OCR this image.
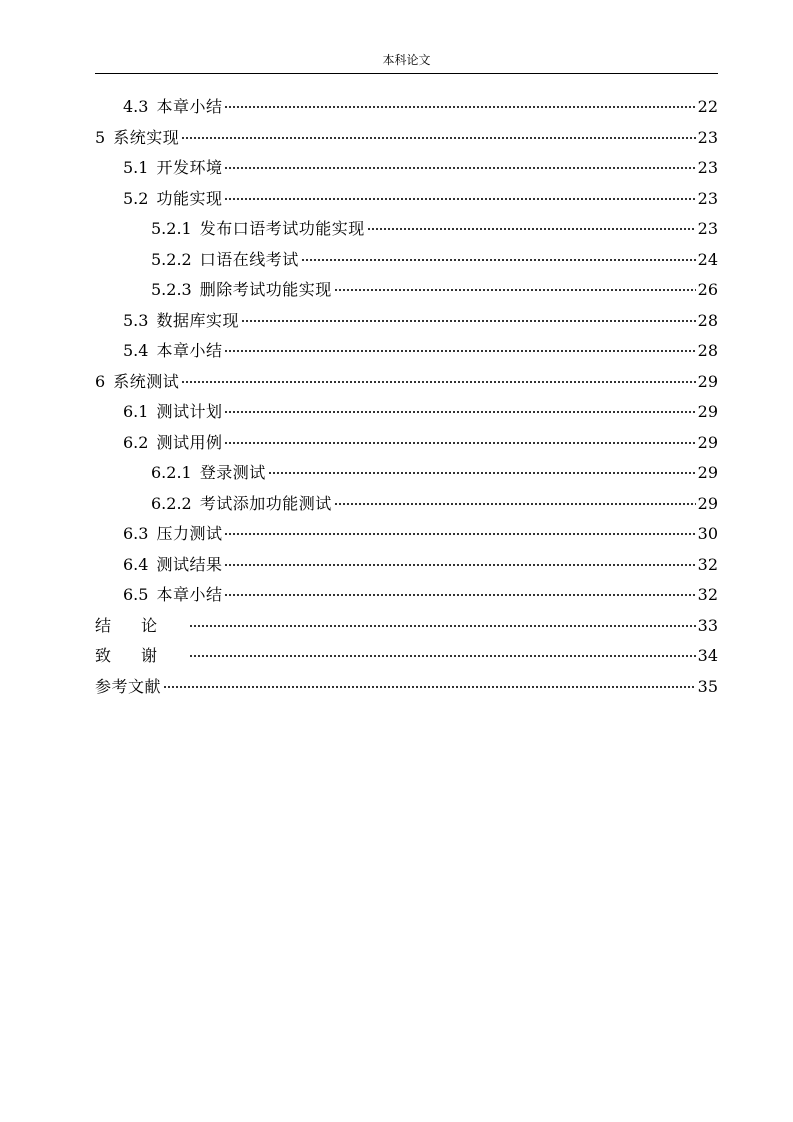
本科论文
4.3 本章小结	22
5 系统实现	23
5.1 开发环境	23
5.2 功能实现	23
5.2.1 发布口语考试功能实现	23
5.2.2 口语在线考试	24
5.2.3 删除考试功能实现	26
5.3 数据库实现	28
5.4 本章小结	28
6 系统测试	29
6.1 测试计划	29
6.2 测试用例	29
6.2.1 登录测试	29
6.2.2 考试添加功能测试	29
6.3 压力测试	30
6.4 测试结果	32
6.5 本章小结	32
结论	33
致谢	34
参考文献	35
